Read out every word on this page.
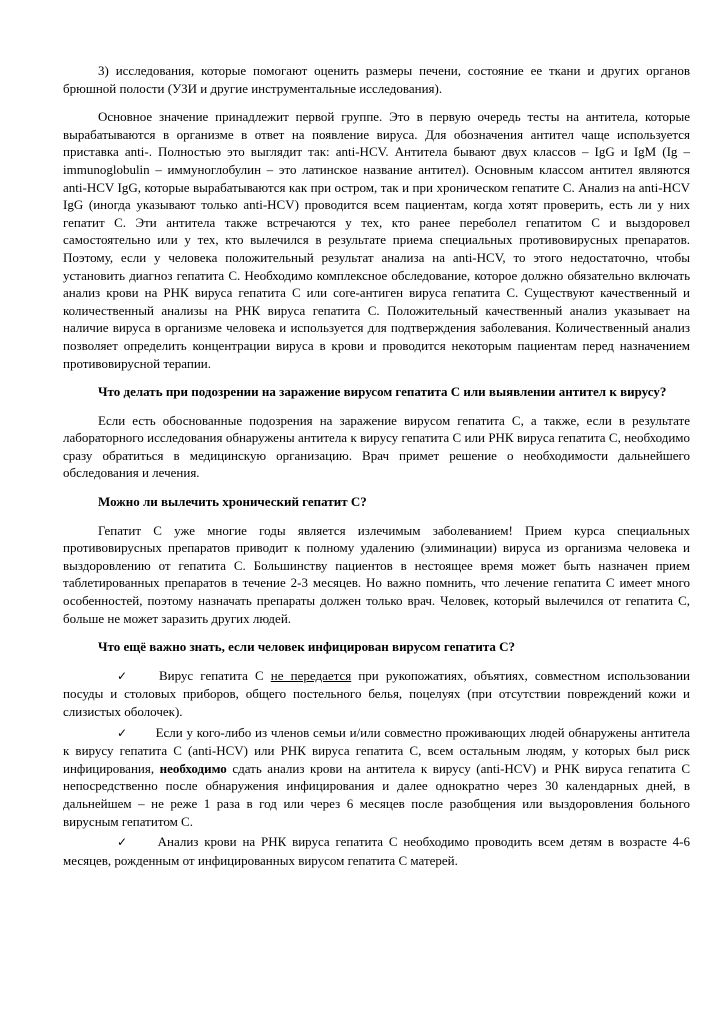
3) исследования, которые помогают оценить размеры печени, состояние ее ткани и других органов брюшной полости (УЗИ и другие инструментальные исследования).

Основное значение принадлежит первой группе. Это в первую очередь тесты на антитела, которые вырабатываются в организме в ответ на появление вируса. Для обозначения антител чаще используется приставка anti-. Полностью это выглядит так: anti-HCV. Антитела бывают двух классов – IgG и IgM (Ig – immunoglobulin – иммуноглобулин – это латинское название антител). Основным классом антител являются anti-HCV IgG, которые вырабатываются как при остром, так и при хроническом гепатите С. Анализ на anti-HCV IgG (иногда указывают только anti-HCV) проводится всем пациентам, когда хотят проверить, есть ли у них гепатит С. Эти антитела также встречаются у тех, кто ранее переболел гепатитом С и выздоровел самостоятельно или у тех, кто вылечился в результате приема специальных противовирусных препаратов. Поэтому, если у человека положительный результат анализа на anti-HCV, то этого недостаточно, чтобы установить диагноз гепатита С. Необходимо комплексное обследование, которое должно обязательно включать анализ крови на РНК вируса гепатита С или core-антиген вируса гепатита С. Существуют качественный и количественный анализы на РНК вируса гепатита С. Положительный качественный анализ указывает на наличие вируса в организме человека и используется для подтверждения заболевания. Количественный анализ позволяет определить концентрации вируса в крови и проводится некоторым пациентам перед назначением противовирусной терапии.

Что делать при подозрении на заражение вирусом гепатита С или выявлении антител к вирусу?

Если есть обоснованные подозрения на заражение вирусом гепатита С, а также, если в результате лабораторного исследования обнаружены антитела к вирусу гепатита С или РНК вируса гепатита С, необходимо сразу обратиться в медицинскую организацию. Врач примет решение о необходимости дальнейшего обследования и лечения.

Можно ли вылечить хронический гепатит С?

Гепатит С уже многие годы является излечимым заболеванием! Прием курса специальных противовирусных препаратов приводит к полному удалению (элиминации) вируса из организма человека и выздоровлению от гепатита С. Большинству пациентов в нестоящее время может быть назначен прием таблетированных препаратов в течение 2-3 месяцев. Но важно помнить, что лечение гепатита С имеет много особенностей, поэтому назначать препараты должен только врач. Человек, который вылечился от гепатита С, больше не может заразить других людей.

Что ещё важно знать, если человек инфицирован вирусом гепатита С?

✓ Вирус гепатита С не передается при рукопожатиях, объятиях, совместном использовании посуды и столовых приборов, общего постельного белья, поцелуях (при отсутствии повреждений кожи и слизистых оболочек).

✓ Если у кого-либо из членов семьи и/или совместно проживающих людей обнаружены антитела к вирусу гепатита С (anti-HCV) или РНК вируса гепатита С, всем остальным людям, у которых был риск инфицирования, необходимо сдать анализ крови на антитела к вирусу (anti-HCV) и РНК вируса гепатита С непосредственно после обнаружения инфицирования и далее однократно через 30 календарных дней, в дальнейшем – не реже 1 раза в год или через 6 месяцев после разобщения или выздоровления больного вирусным гепатитом С.

✓ Анализ крови на РНК вируса гепатита С необходимо проводить всем детям в возрасте 4-6 месяцев, рожденным от инфицированных вирусом гепатита С матерей.
